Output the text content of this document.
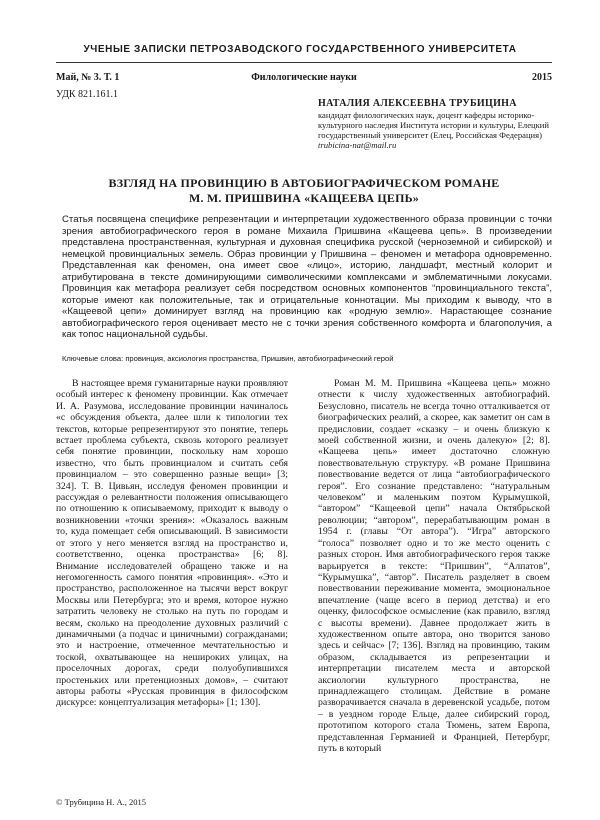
УЧЕНЫЕ ЗАПИСКИ ПЕТРОЗАВОДСКОГО ГОСУДАРСТВЕННОГО УНИВЕРСИТЕТА
Май, № 3. Т. 1	Филологические науки	2015
УДК 821.161.1
НАТАЛИЯ АЛЕКСЕЕВНА ТРУБИЦИНА
кандидат филологических наук, доцент кафедры историко-культурного наследия Института истории и культуры, Елецкий государственный университет (Елец, Российская Федерация)
trubicina-nat@mail.ru
ВЗГЛЯД НА ПРОВИНЦИЮ В АВТОБИОГРАФИЧЕСКОМ РОМАНЕ
М. М. ПРИШВИНА «КАЩЕЕВА ЦЕПЬ»
Статья посвящена специфике репрезентации и интерпретации художественного образа провинции с точки зрения автобиографического героя в романе Михаила Пришвина «Кащеева цепь». В произведении представлена пространственная, культурная и духовная специфика русской (черноземной и сибирской) и немецкой провинциальных земель. Образ провинции у Пришвина – феномен и метафора одновременно. Представленная как феномен, она имеет свое «лицо», историю, ландшафт, местный колорит и атрибутирована в тексте доминирующими символическими комплексами и эмблематичными локусами. Провинция как метафора реализует себя посредством основных компонентов “провинциального текста”, которые имеют как положительные, так и отрицательные коннотации. Мы приходим к выводу, что в «Кащеевой цепи» доминирует взгляд на провинцию как «родную землю». Нарастающее сознание автобиографического героя оценивает место не с точки зрения собственного комфорта и благополучия, а как топос национальной судьбы.
Ключевые слова: провинция, аксиология пространства, Пришвин, автобиографический герой

В настоящее время гуманитарные науки проявляют особый интерес к феномену провинции. Как отмечает И. А. Разумова, исследование провинции начиналось «с обсуждения объекта, далее шли к типологии тех текстов, которые репрезентируют это понятие, теперь встает проблема субъекта, сквозь которого реализует себя понятие провинции, поскольку нам хорошо известно, что быть провинциалом и считать себя провинциалом – это совершенно разные вещи» [3; 324]. Т. В. Цивьян, исследуя феномен провинции и рассуждая о релевантности положения описывающего по отношению к описываемому, приходит к выводу о возникновении «точки зрения»: «Оказалось важным то, куда помещает себя описывающий. В зависимости от этого у него меняется взгляд на пространство и, соответственно, оценка пространства» [6; 8]. Внимание исследователей обращено также и на негомогенность самого понятия «провинция». «Это и пространство, расположенное на тысячи верст вокруг Москвы или Петербурга; это и время, которое нужно затратить человеку не столько на путь по городам и весям, сколько на преодоление духовных различий с динамичными (а подчас и циничными) согражданами; это и настроение, отмеченное мечтательностью и тоской, охватывающее на нешироких улицах, на проселочных дорогах, среди полуобупившихся простеньких или претенциозных домов», – считают авторы работы «Русская провинция в философском дискурсе: концептуализация метафоры» [1; 130].

Роман М. М. Пришвина «Кащеева цепь» можно отнести к числу художественных автобиографий. Безусловно, писатель не всегда точно отталкивается от биографических реалий, а скорее, как заметит он сам в предисловии, создает «сказку – и очень близкую к моей собственной жизни, и очень далекую» [2; 8]. «Кащеева цепь» имеет достаточно сложную повествовательную структуру. «В романе Пришвина повествование ведется от лица “автобиографического героя”. Его сознание представлено: “натуральным человеком” и маленьким поэтом Курымушкой, “автором” “Кащеевой цепи” начала Октябрьской революции; “автором”, перерабатывающим роман в 1954 г. (главы “От автора”). “Игра” авторского “голоса” позволяет одно и то же место оценить с разных сторон. Имя автобиографического героя также варьируется в тексте: “Пришвин”, “Алпатов”, “Курымушка”, “автор”. Писатель разделяет в своем повествовании переживание момента, эмоциональное впечатление (чаще всего в период детства) и его оценку, философское осмысление (как правило, взгляд с высоты времени). Давнее продолжает жить в художественном опыте автора, оно творится заново здесь и сейчас» [7; 136]. Взгляд на провинцию, таким образом, складывается из репрезентации и интерпретации писателем места и авторской аксиологии культурного пространства, не принадлежащего столицам. Действие в романе разворачивается сначала в деревенской усадьбе, потом – в уездном городе Ельце, далее сибирский город, прототипом которого стала Тюмень, затем Европа, представленная Германией и Францией, Петербург, путь в который

© Трубицина Н. А., 2015
